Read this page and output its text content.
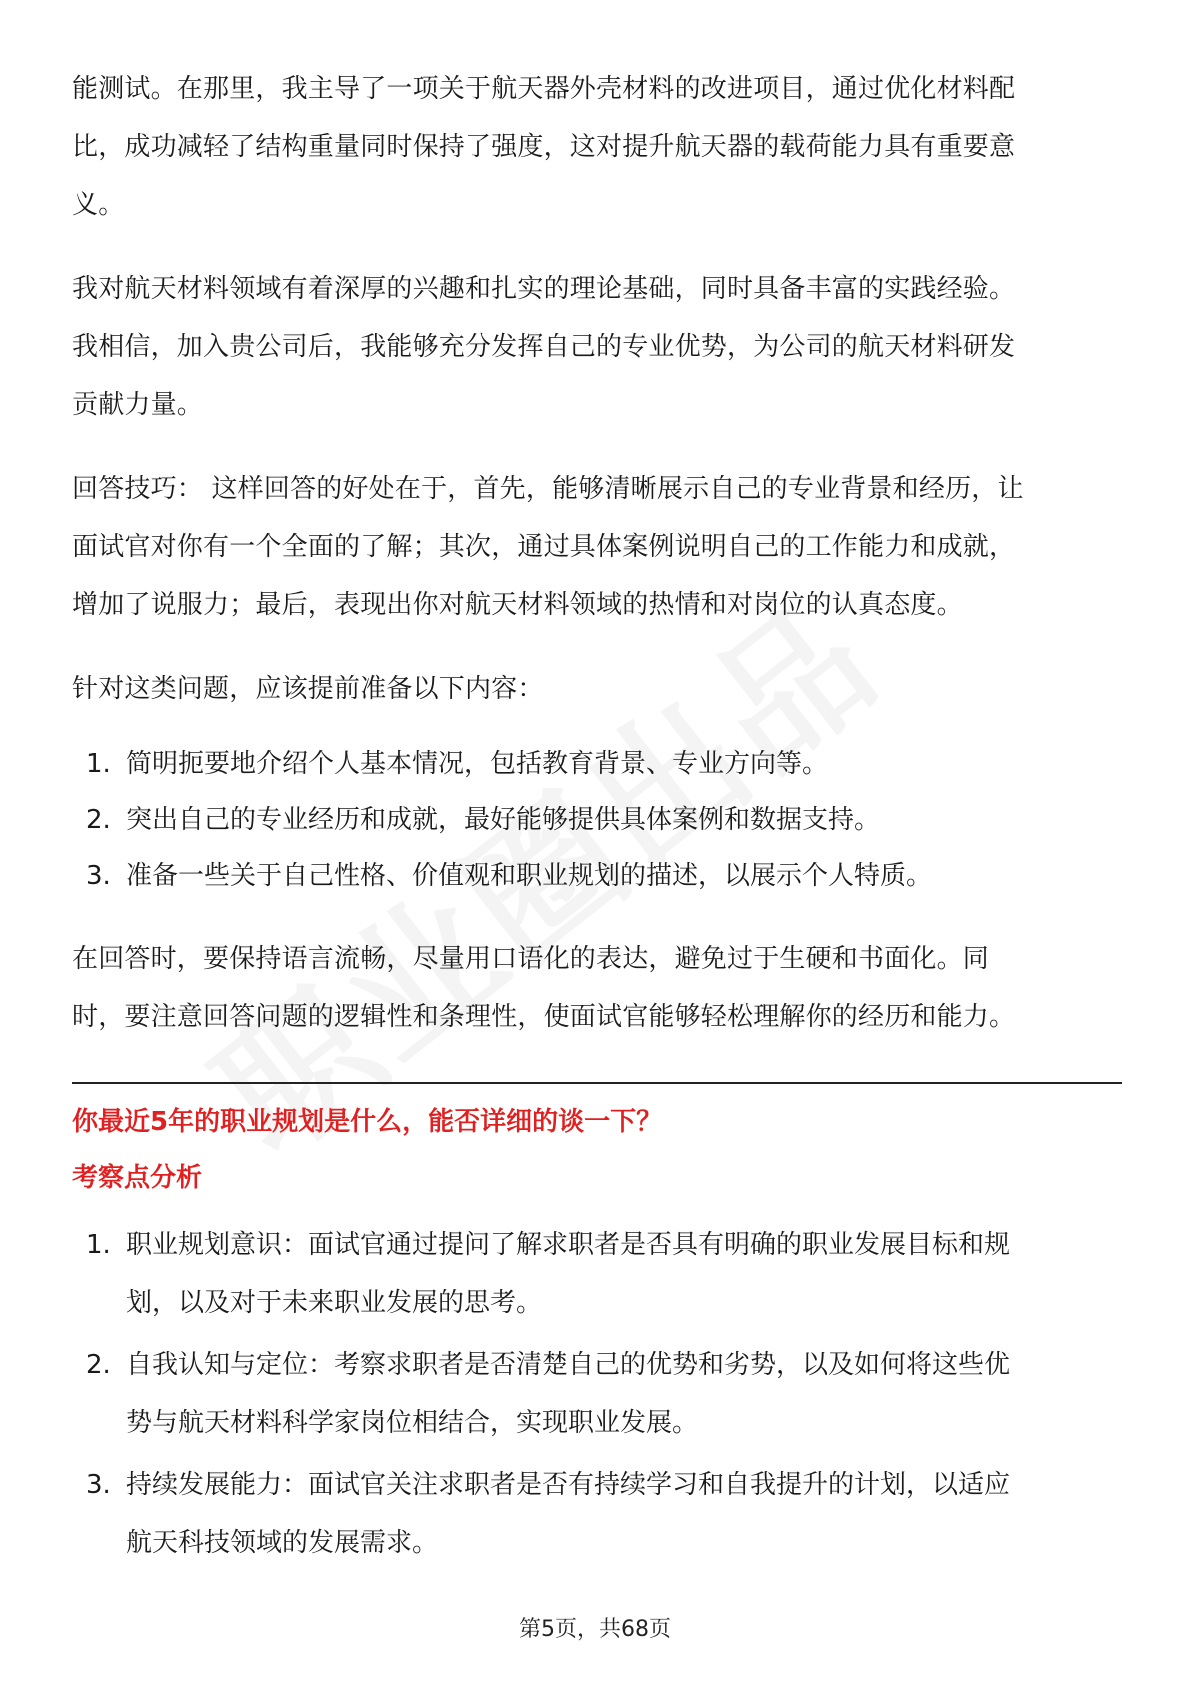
能测试。在那里，我主导了一项关于航天器外壳材料的改进项目，通过优化材料配
比，成功减轻了结构重量同时保持了强度，这对提升航天器的载荷能力具有重要意
义。

我对航天材料领域有着深厚的兴趣和扎实的理论基础，同时具备丰富的实践经验。
我相信，加入贵公司后，我能够充分发挥自己的专业优势，为公司的航天材料研发
贡献力量。

回答技巧： 这样回答的好处在于，首先，能够清晰展示自己的专业背景和经历，让
面试官对你有一个全面的了解；其次，通过具体案例说明自己的工作能力和成就，
增加了说服力；最后，表现出你对航天材料领域的热情和对岗位的认真态度。

针对这类问题，应该提前准备以下内容：

1. 简明扼要地介绍个人基本情况，包括教育背景、专业方向等。
2. 突出自己的专业经历和成就，最好能够提供具体案例和数据支持。
3. 准备一些关于自己性格、价值观和职业规划的描述，以展示个人特质。

在回答时，要保持语言流畅，尽量用口语化的表达，避免过于生硬和书面化。同
时，要注意回答问题的逻辑性和条理性，使面试官能够轻松理解你的经历和能力。

你最近5年的职业规划是什么，能否详细的谈一下？
考察点分析
1. 职业规划意识：面试官通过提问了解求职者是否具有明确的职业发展目标和规
划，以及对于未来职业发展的思考。
2. 自我认知与定位：考察求职者是否清楚自己的优势和劣势，以及如何将这些优
势与航天材料科学家岗位相结合，实现职业发展。
3. 持续发展能力：面试官关注求职者是否有持续学习和自我提升的计划，以适应
航天科技领域的发展需求。
第5页，共68页
